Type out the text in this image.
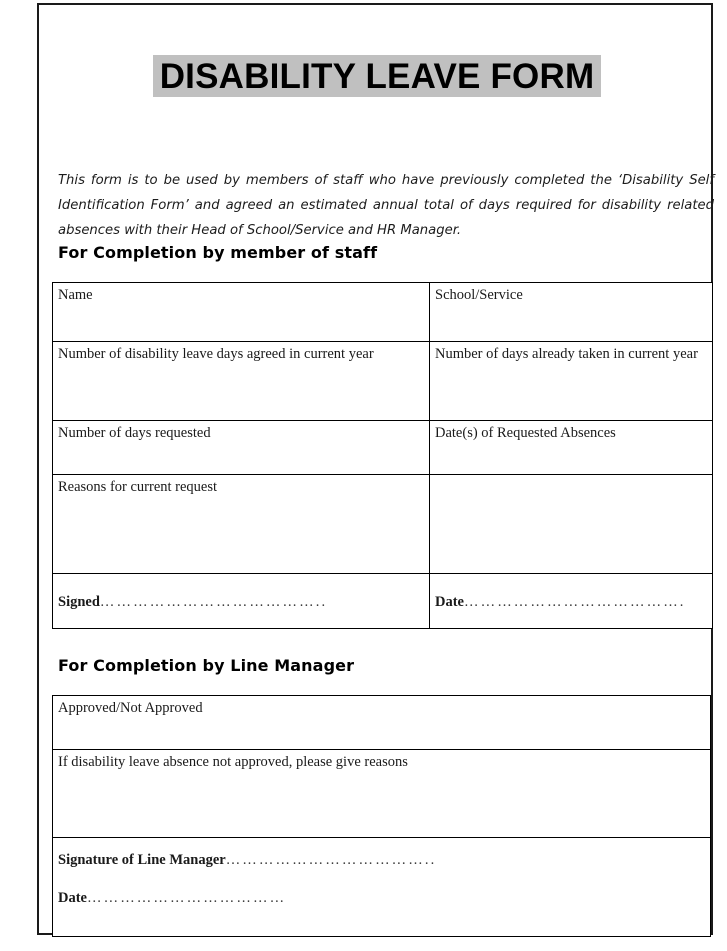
DISABILITY LEAVE FORM

This form is to be used by members of staff who have previously completed the ‘Disability Self Identification Form’ and agreed an estimated annual total of days required for disability related absences with their Head of School/Service and HR Manager.

For Completion by member of staff
Name	School/Service
Number of disability leave days agreed in current year	Number of days already taken in current year
Number of days requested	Date(s) of Requested Absences
Reasons for current request	

Signed…………………………………..	Date………………………………….
For Completion by Line Manager
Approved/Not Approved
If disability leave absence not approved, please give reasons

Signature of Line Manager………………………………..
Date………………………………
